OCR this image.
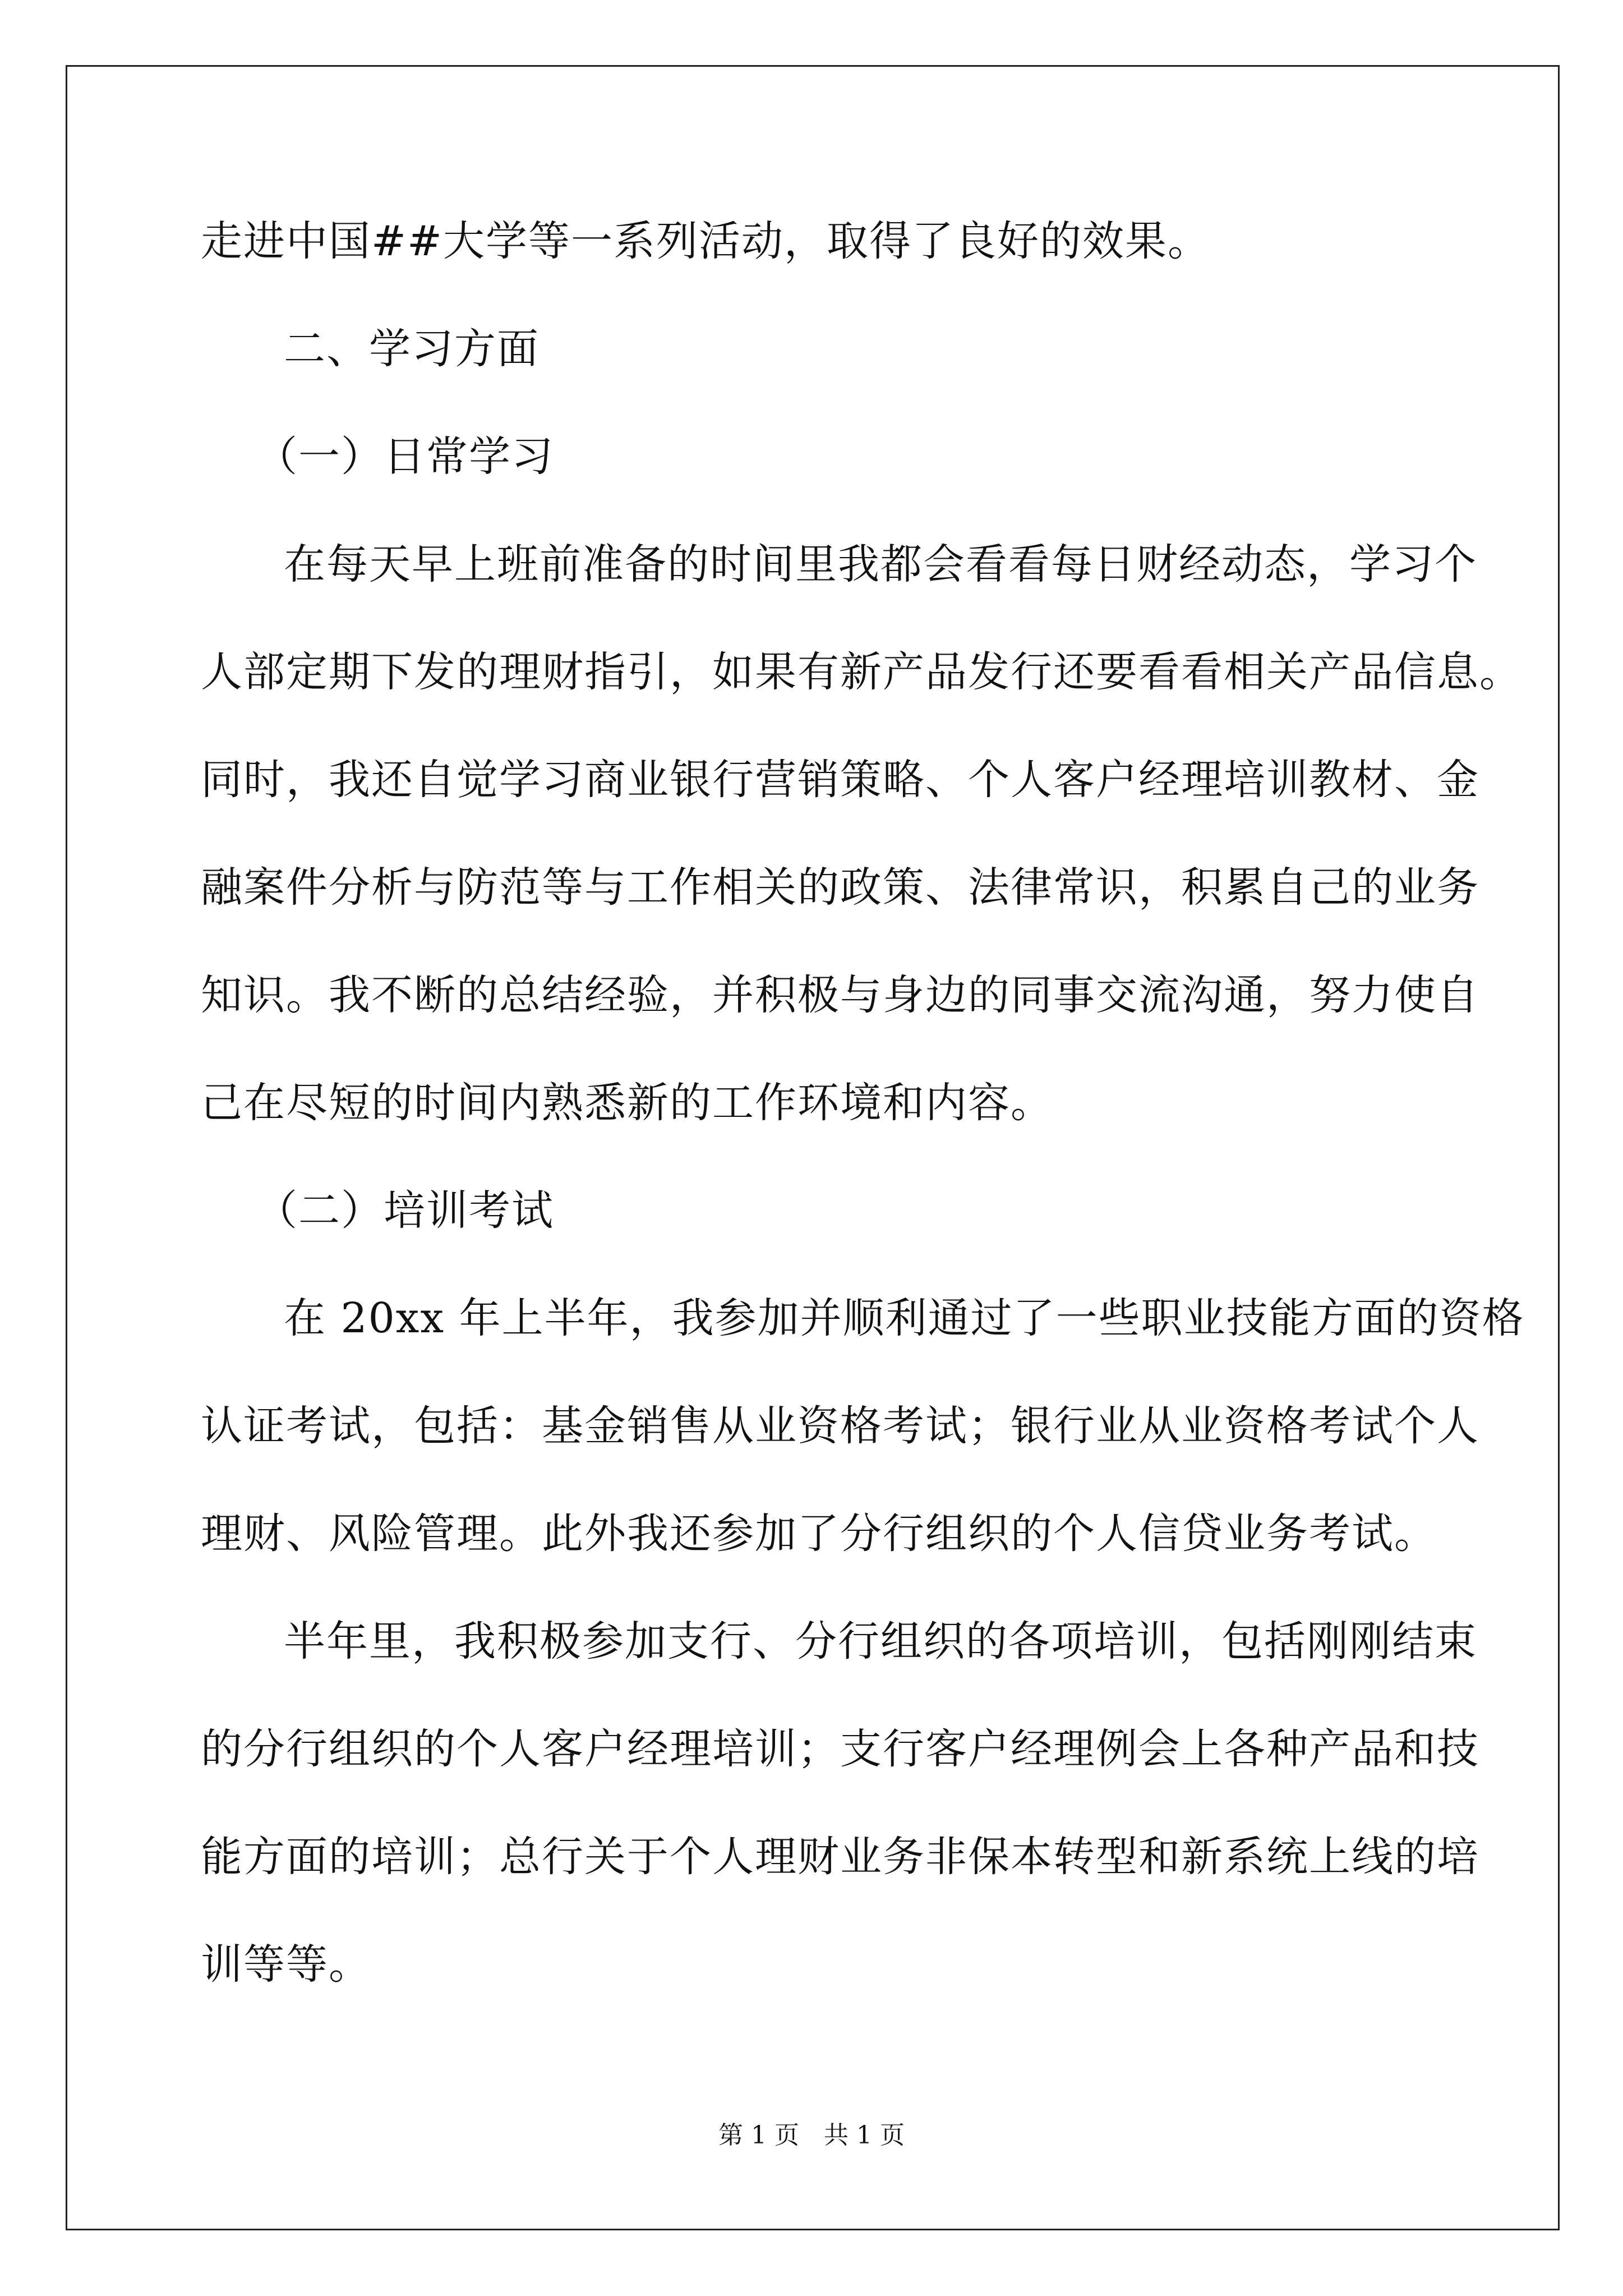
走进中国##大学等一系列活动，取得了良好的效果。
二、学习方面
（一）日常学习
在每天早上班前准备的时间里我都会看看每日财经动态，学习个
人部定期下发的理财指引，如果有新产品发行还要看看相关产品信息。
同时，我还自觉学习商业银行营销策略、个人客户经理培训教材、金
融案件分析与防范等与工作相关的政策、法律常识，积累自己的业务
知识。我不断的总结经验，并积极与身边的同事交流沟通，努力使自
己在尽短的时间内熟悉新的工作环境和内容。
（二）培训考试
在 20xx 年上半年，我参加并顺利通过了一些职业技能方面的资格
认证考试，包括：基金销售从业资格考试；银行业从业资格考试个人
理财、风险管理。此外我还参加了分行组织的个人信贷业务考试。
半年里，我积极参加支行、分行组织的各项培训，包括刚刚结束
的分行组织的个人客户经理培训；支行客户经理例会上各种产品和技
能方面的培训；总行关于个人理财业务非保本转型和新系统上线的培
训等等。
第 1 页　共 1 页
